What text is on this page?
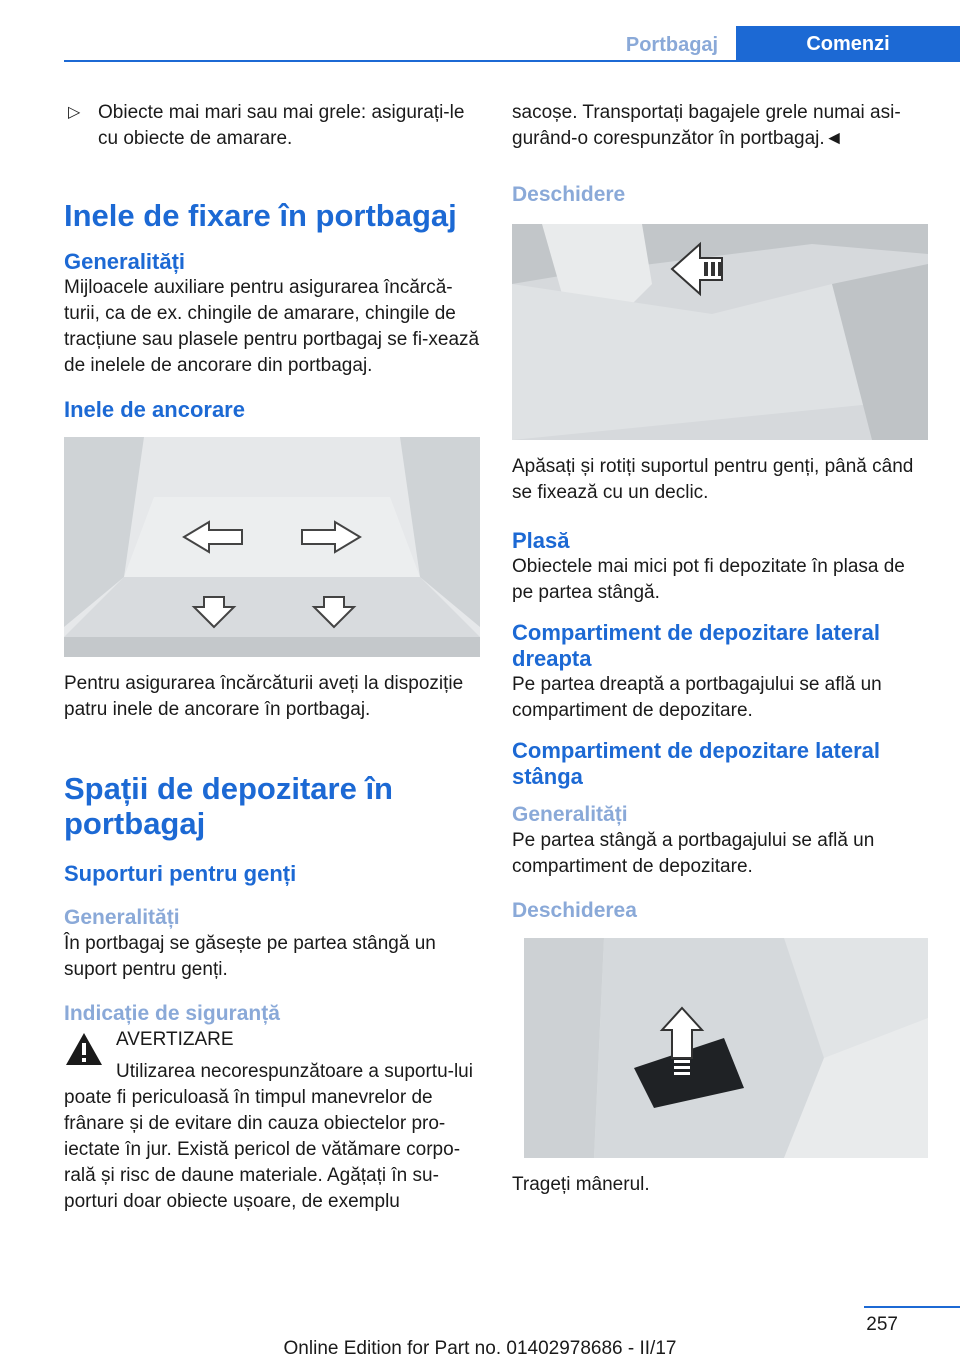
Portbagaj	Comenzi
▷ Obiecte mai mari sau mai grele: asigurați-le cu obiecte de amarare.

Inele de fixare în portbagaj
Generalități

Mijloacele auxiliare pentru asigurarea încărcă-turii, ca de ex. chingile de amarare, chingile de tracțiune sau plasele pentru portbagaj se fi-xează de inelele de ancorare din portbagaj.

Inele de ancorare

Pentru asigurarea încărcăturii aveți la dispoziție patru inele de ancorare în portbagaj.

Spații de depozitare în portbagaj
Suporturi pentru genți
Generalități

În portbagaj se găsește pe partea stângă un suport pentru genți.

Indicație de siguranță

AVERTIZARE

Utilizarea necorespunzătoare a suportu-lui poate fi periculoasă în timpul manevrelor de frânare și de evitare din cauza obiectelor pro-iectate în jur. Există pericol de vătămare corpo-rală și risc de daune materiale. Agățați în su-porturi doar obiecte ușoare, de exemplu

sacoșe. Transportați bagajele grele numai asi-gurând-o corespunzător în portbagaj.◄

Deschidere

Apăsați și rotiți suportul pentru genți, până când se fixează cu un declic.

Plasă

Obiectele mai mici pot fi depozitate în plasa de pe partea stângă.

Compartiment de depozitare lateral dreapta

Pe partea dreaptă a portbagajului se află un compartiment de depozitare.

Compartiment de depozitare lateral stânga
Generalități

Pe partea stângă a portbagajului se află un compartiment de depozitare.

Deschiderea

Trageți mânerul.

257
Online Edition for Part no. 01402978686 - II/17
